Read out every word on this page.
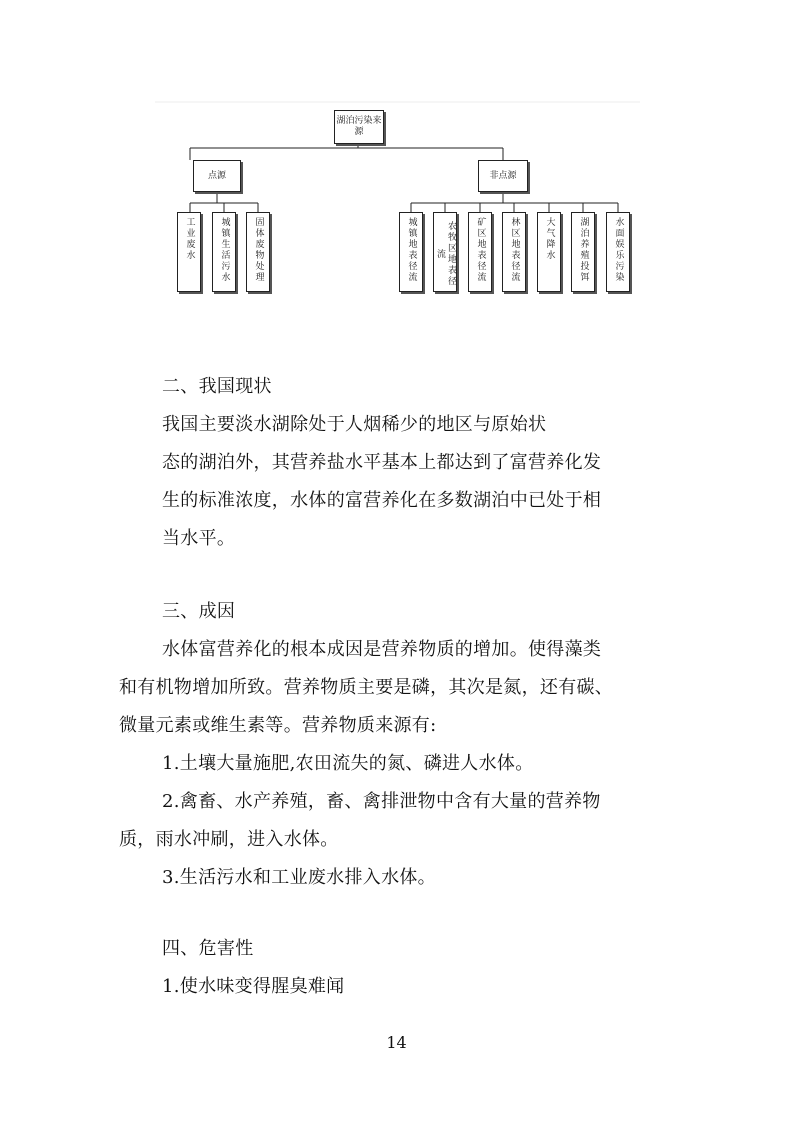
湖泊污染来源
点源	非点源
工业废水	城镇生活污水	固体废物处理	城镇地表径流	农牧区地表径流	矿区地表径流	林区地表径流	大气降水	湖泊养殖投饵	水面娱乐污染
二、我国现状
我国主要淡水湖除处于人烟稀少的地区与原始状
态的湖泊外，其营养盐水平基本上都达到了富营养化发
生的标准浓度，水体的富营养化在多数湖泊中已处于相
当水平。
三、成因
水体富营养化的根本成因是营养物质的增加。使得藻类
和有机物增加所致。营养物质主要是磷，其次是氮，还有碳、
微量元素或维生素等。营养物质来源有:
1.土壤大量施肥,农田流失的氮、磷进人水体。
2.禽畜、水产养殖，畜、禽排泄物中含有大量的营养物
质，雨水冲刷，进入水体。
3.生活污水和工业废水排入水体。
四、危害性
1.使水味变得腥臭难闻
14
